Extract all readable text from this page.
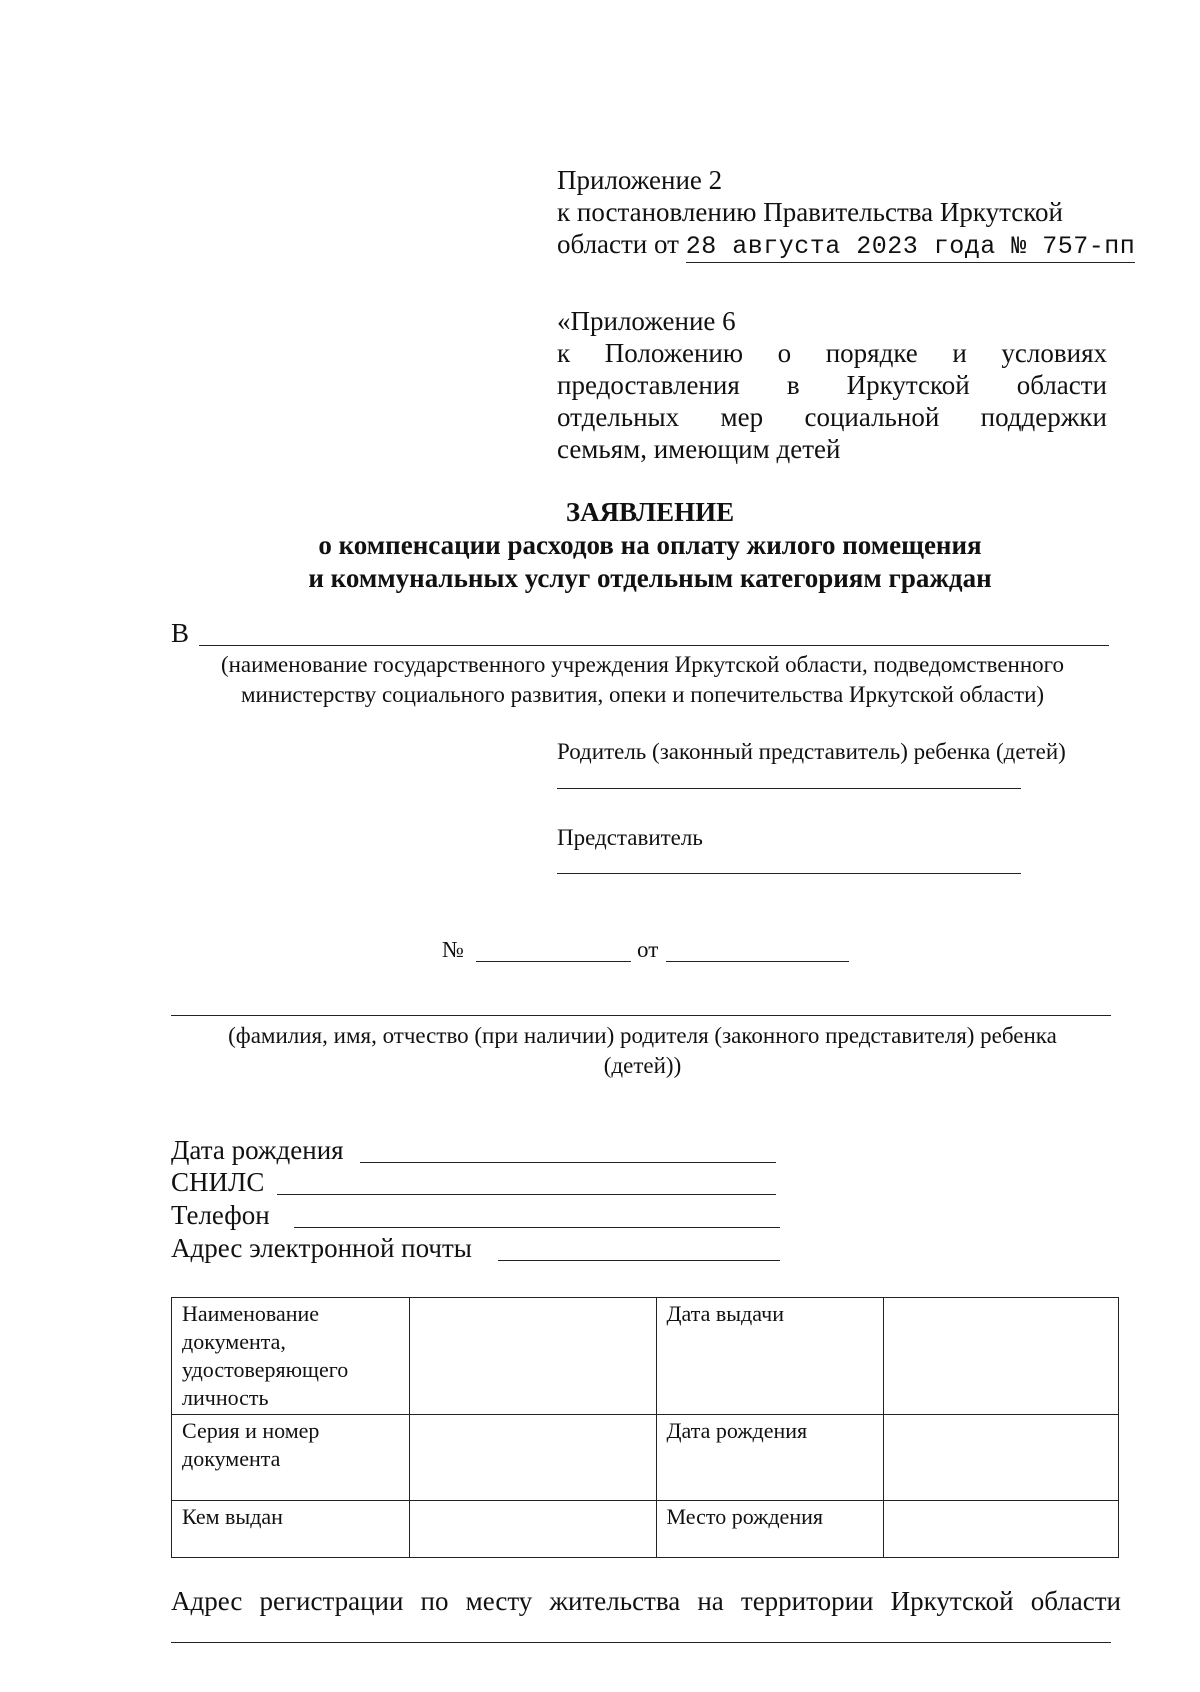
Приложение 2
к постановлению Правительства Иркутской
области от 28 августа 2023 года № 757-пп
«Приложение 6
к Положению о порядке и условиях
предоставления в Иркутской области
отдельных мер социальной поддержки
семьям, имеющим детей
ЗАЯВЛЕНИЕ
о компенсации расходов на оплату жилого помещения
и коммунальных услуг отдельным категориям граждан
В
(наименование государственного учреждения Иркутской области, подведомственного
министерству социального развития, опеки и попечительства Иркутской области)
Родитель (законный представитель) ребенка (детей)
Представитель
№	от
(фамилия, имя, отчество (при наличии) родителя (законного представителя) ребенка
(детей))
Дата рождения
СНИЛС
Телефон
Адрес электронной почты
Наименование документа, удостоверяющего личность		Дата выдачи	
Серия и номер документа		Дата рождения	
Кем выдан		Место рождения	
Адрес регистрации по месту жительства на территории Иркутской области
